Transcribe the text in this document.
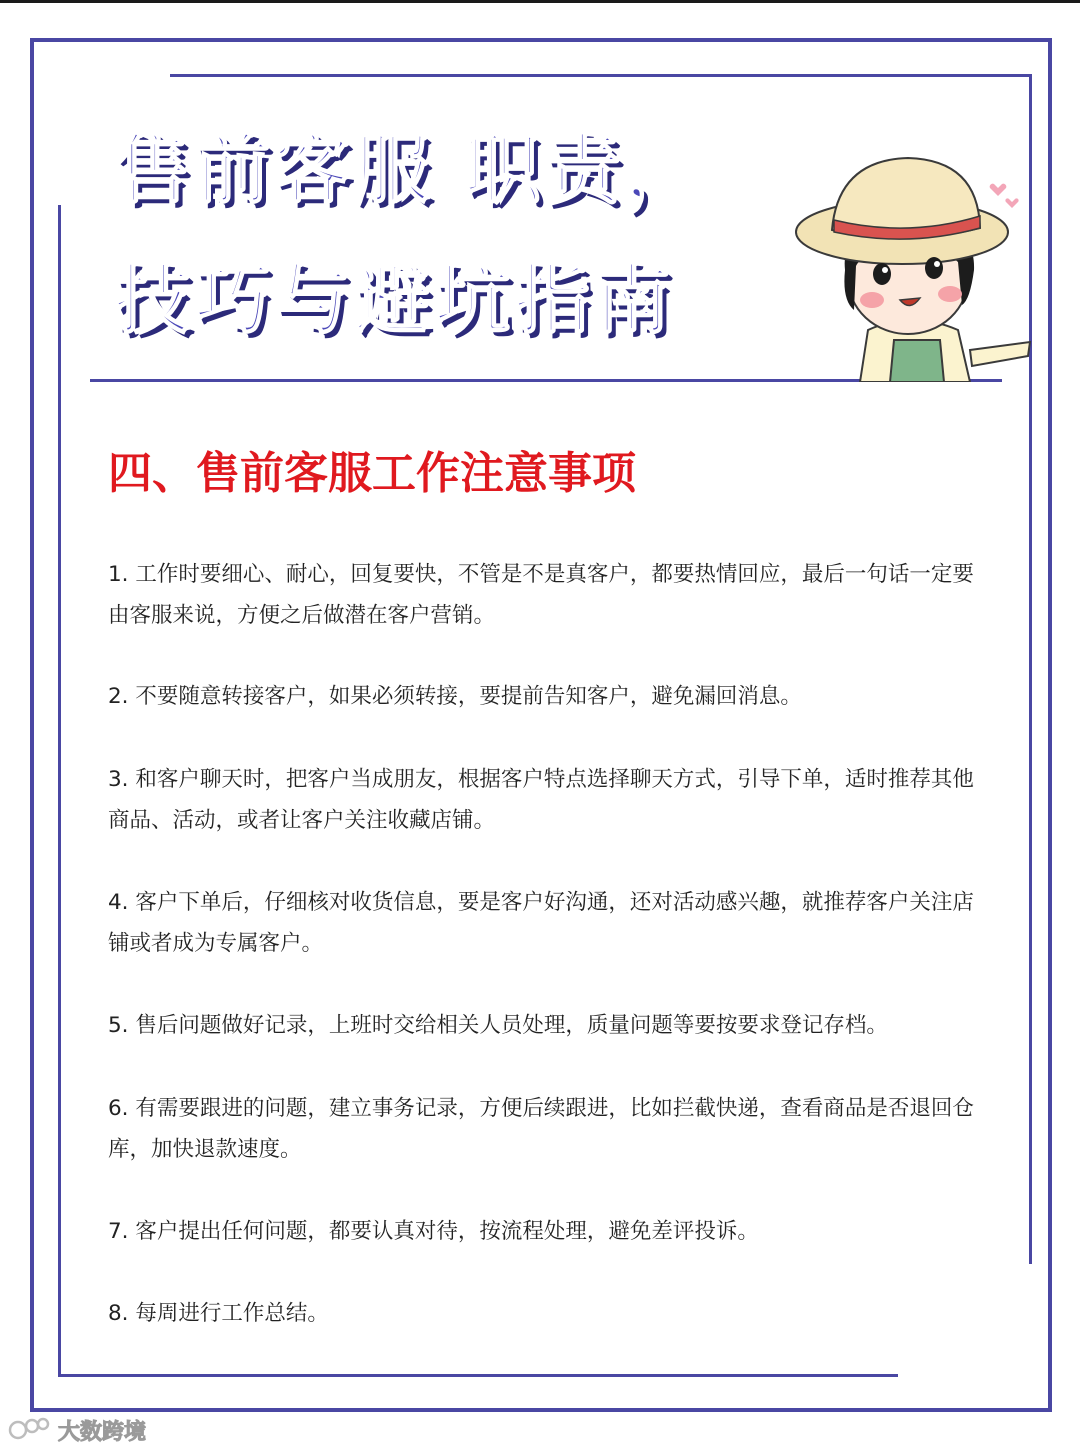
售前客服 职责，
技巧与避坑指南
四、售前客服工作注意事项

1. 工作时要细心、耐心，回复要快，不管是不是真客户，都要热情回应，最后一句话一定要由客服来说，方便之后做潜在客户营销。

2. 不要随意转接客户，如果必须转接，要提前告知客户，避免漏回消息。

3. 和客户聊天时，把客户当成朋友，根据客户特点选择聊天方式，引导下单，适时推荐其他商品、活动，或者让客户关注收藏店铺。

4. 客户下单后，仔细核对收货信息，要是客户好沟通，还对活动感兴趣，就推荐客户关注店铺或者成为专属客户。

5. 售后问题做好记录，上班时交给相关人员处理，质量问题等要按要求登记存档。

6. 有需要跟进的问题，建立事务记录，方便后续跟进，比如拦截快递，查看商品是否退回仓库，加快退款速度。

7. 客户提出任何问题，都要认真对待，按流程处理，避免差评投诉。

8. 每周进行工作总结。

大数跨境
